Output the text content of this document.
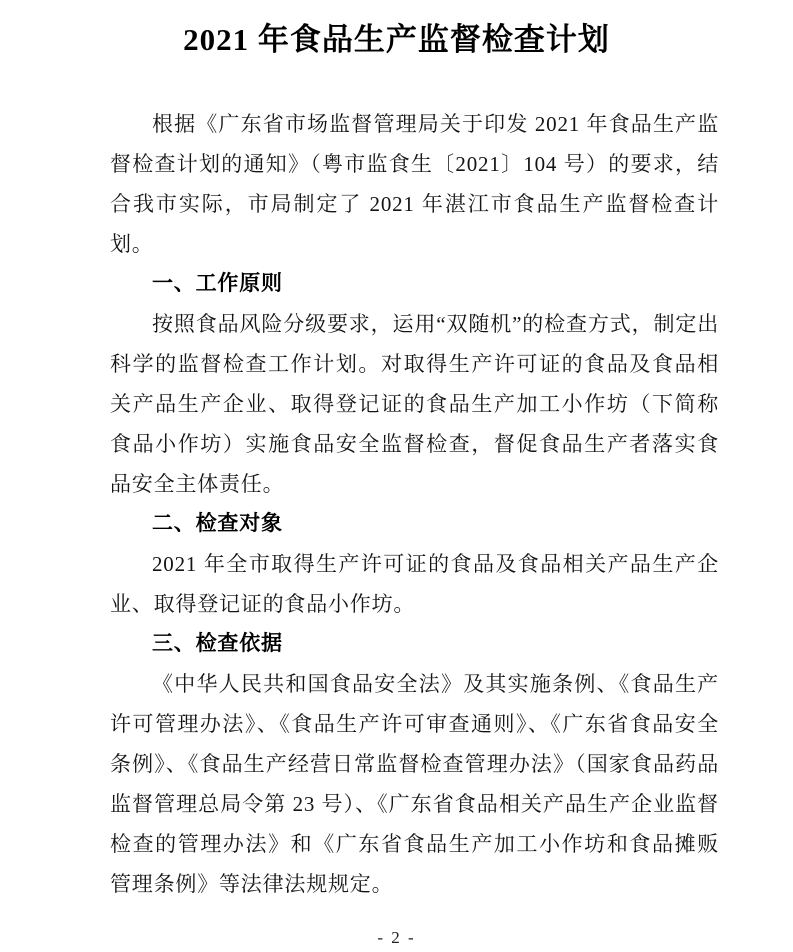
2021 年食品生产监督检查计划

根据《广东省市场监督管理局关于印发 2021 年食品生产监督检查计划的通知》（粤市监食生〔2021〕104 号）的要求，结合我市实际，市局制定了 2021 年湛江市食品生产监督检查计划。

一、工作原则

按照食品风险分级要求，运用“双随机”的检查方式，制定出科学的监督检查工作计划。对取得生产许可证的食品及食品相关产品生产企业、取得登记证的食品生产加工小作坊（下简称食品小作坊）实施食品安全监督检查，督促食品生产者落实食品安全主体责任。

二、检查对象

2021 年全市取得生产许可证的食品及食品相关产品生产企业、取得登记证的食品小作坊。

三、检查依据

《中华人民共和国食品安全法》及其实施条例、《食品生产许可管理办法》、《食品生产许可审查通则》、《广东省食品安全条例》、《食品生产经营日常监督检查管理办法》（国家食品药品监督管理总局令第 23 号）、《广东省食品相关产品生产企业监督检查的管理办法》和《广东省食品生产加工小作坊和食品摊贩管理条例》等法律法规规定。

- 2 -
